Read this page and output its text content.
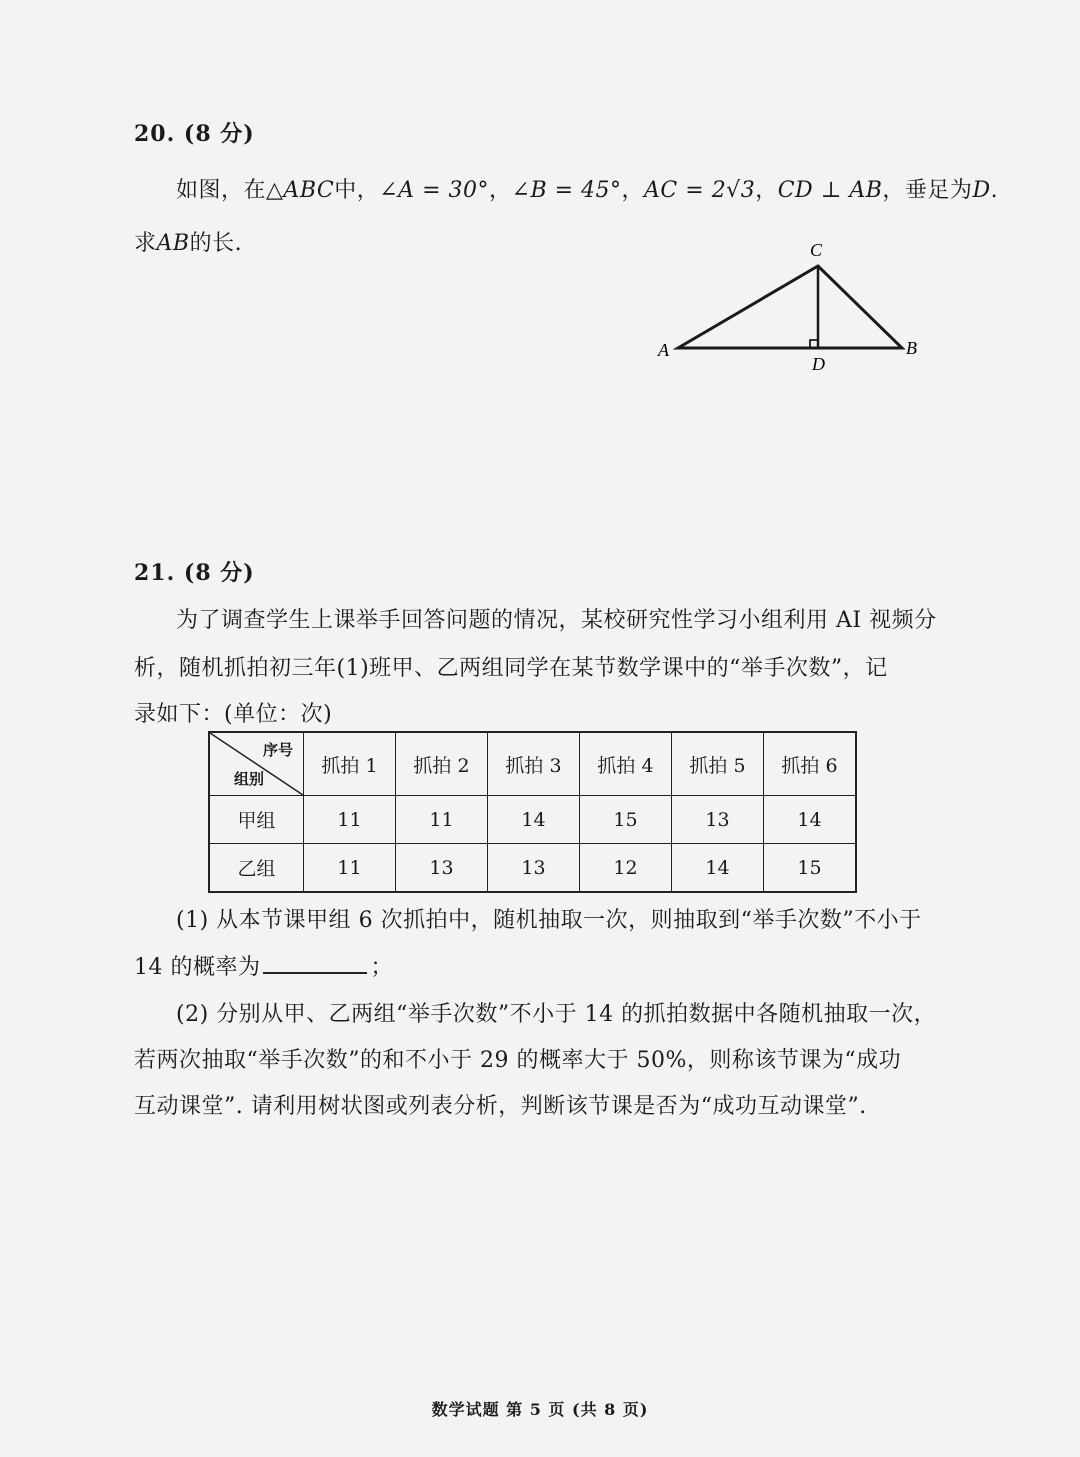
20. (8 分)
如图，在△ABC中，∠A = 30°，∠B = 45°，AC = 2√3，CD ⊥ AB，垂足为D.
求AB的长.
A	B
C
D
21. (8 分)
为了调查学生上课举手回答问题的情况，某校研究性学习小组利用 AI 视频分
析，随机抓拍初三年(1)班甲、乙两组同学在某节数学课中的“举手次数”，记
录如下：(单位：次)
序号
组别	抓拍 1	抓拍 2	抓拍 3	抓拍 4	抓拍 5	抓拍 6
甲组	11	11	14	15	13	14
乙组	11	13	13	12	14	15
(1) 从本节课甲组 6 次抓拍中，随机抽取一次，则抽取到“举手次数”不小于
14 的概率为	；
(2) 分别从甲、乙两组“举手次数”不小于 14 的抓拍数据中各随机抽取一次，
若两次抽取“举手次数”的和不小于 29 的概率大于 50%，则称该节课为“成功
互动课堂”. 请利用树状图或列表分析，判断该节课是否为“成功互动课堂”.
数学试题 第 5 页 (共 8 页)
